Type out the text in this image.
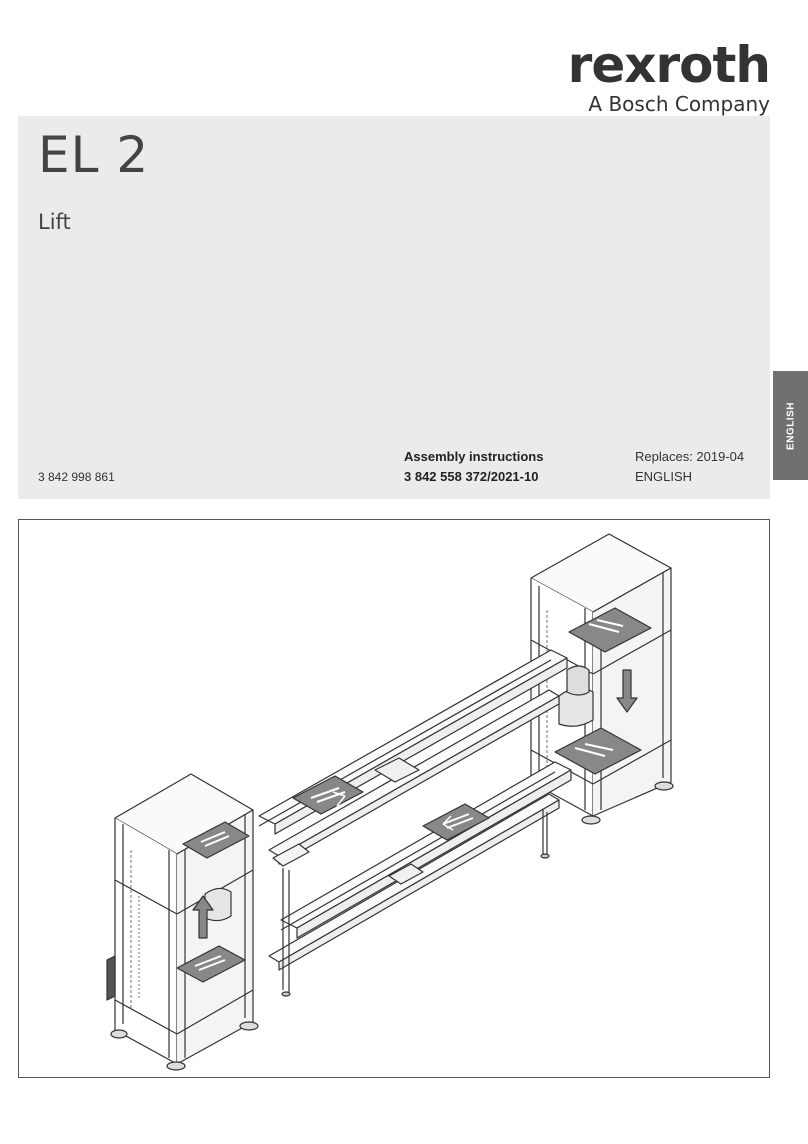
rexroth
A Bosch Company
EL 2
Lift
3 842 998 861
Assembly instructions
3 842 558 372/2021-10
Replaces: 2019-04
ENGLISH
ENGLISH
